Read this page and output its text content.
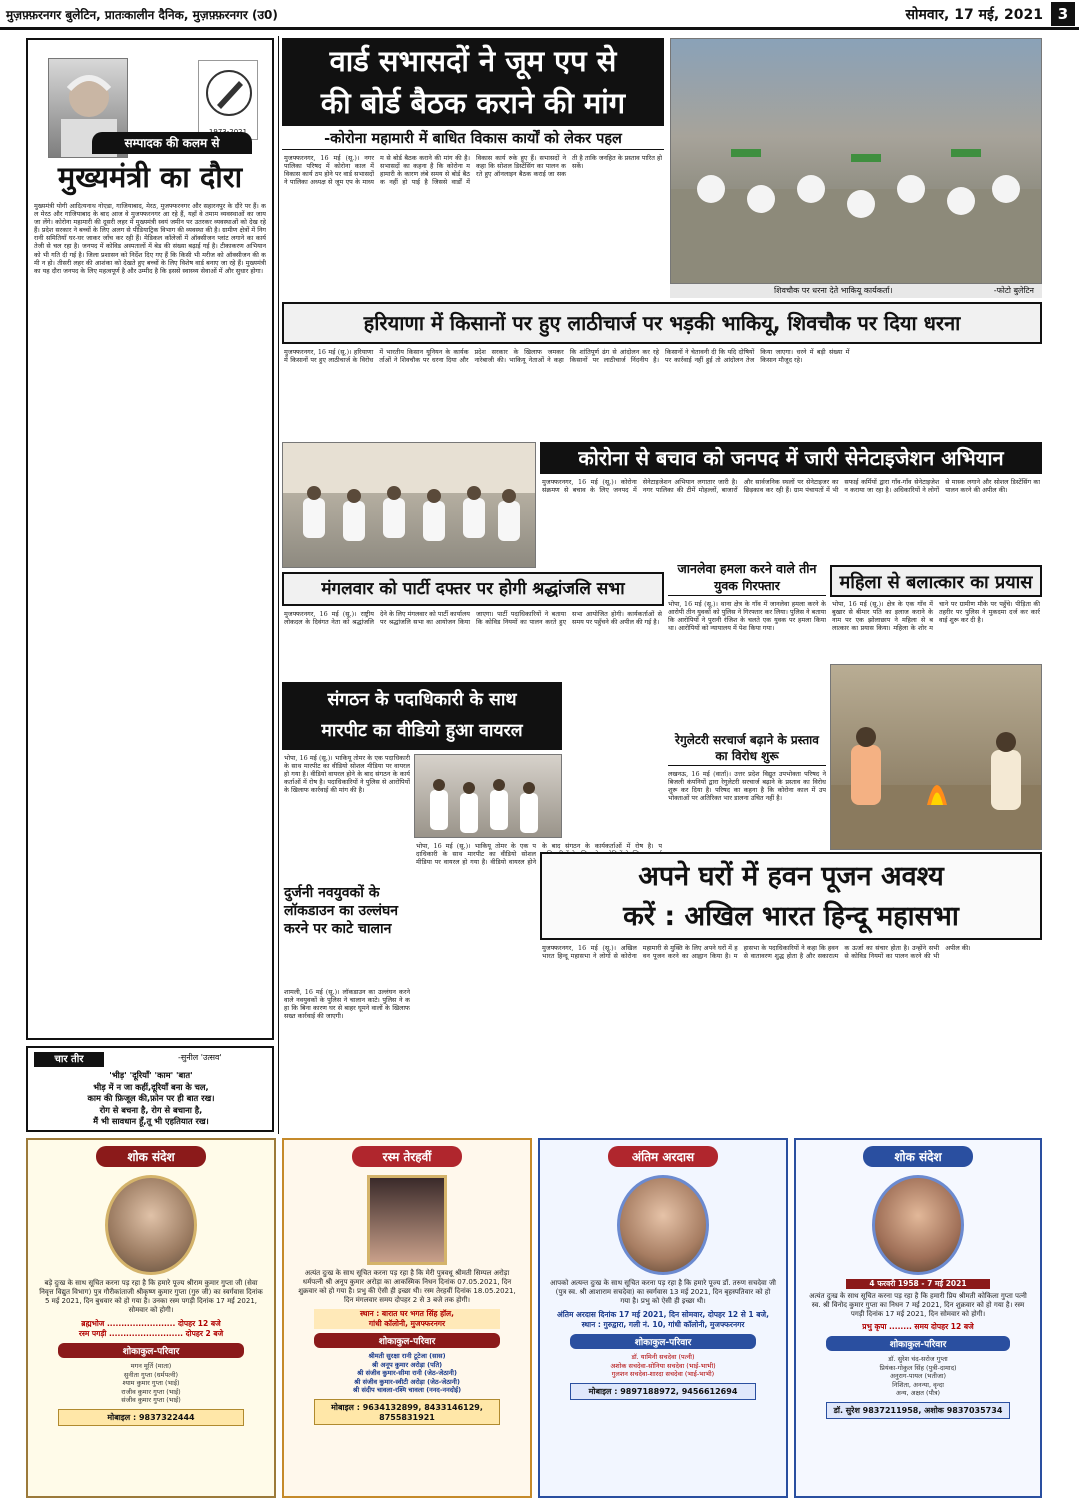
मुज़फ़्फ़रनगर बुलेटिन, प्रातःकालीन दैनिक, मुज़फ़्फ़रनगर (उ0)	सोमवार, 17 मई, 2021 3
सम्पादक की कलम से
मुख्यमंत्री का दौरा
मुख्यमंत्री योगी आदित्यनाथ नोएडा, गाजियाबाद, मेरठ, मुजफ्फरनगर और सहारनपुर के दौरे पर हैं। कल मेरठ और गाजियाबाद के बाद आज वे मुजफ्फरनगर आ रहे हैं, यहाँ वे तमाम व्यवस्थाओं का जायजा लेंगे। कोरोना महामारी की दूसरी लहर में मुख्यमंत्री स्वयं जमीन पर उतरकर व्यवस्थाओं को देख रहे हैं। प्रदेश सरकार ने बच्चों के लिए अलग से पीडियाट्रिक विभाग की व्यवस्था की है। ग्रामीण क्षेत्रों में निगरानी समितियाँ घर-घर जाकर जाँच कर रही हैं। मेडिकल कॉलेजों में ऑक्सीजन प्लांट लगाने का कार्य तेजी से चल रहा है। जनपद में कोविड अस्पतालों में बेड की संख्या बढ़ाई गई है। टीकाकरण अभियान को भी गति दी गई है। जिला प्रशासन को निर्देश दिए गए हैं कि किसी भी मरीज को ऑक्सीजन की कमी न हो। तीसरी लहर की आशंका को देखते हुए बच्चों के लिए विशेष वार्ड बनाए जा रहे हैं। मुख्यमंत्री का यह दौरा जनपद के लिए महत्वपूर्ण है और उम्मीद है कि इससे स्वास्थ्य सेवाओं में और सुधार होगा।
चार तीर	-सुनील 'उत्सव'
'भीड़' 'दूरियाँ' 'काम' 'बात'
भीड़ में न जा कहीं,दूरियाँ बना के चल,
काम की फ़िजूल की,फ़ोन पर ही बात रख।
रोग से बचना है, रोग से बचाना है,
मैं भी सावधान हूँ,तू भी एहतियात रख।
वार्ड सभासदों ने जूम एप से
की बोर्ड बैठक कराने की मांग
-कोरोना महामारी में बाधित विकास कार्यों को लेकर पहल
मुजफ्फरनगर, 16 मई (सू.)। नगरपालिका परिषद में कोरोना काल में विकास कार्य ठप होने पर वार्ड सभासदों ने पालिका अध्यक्ष से जूम एप के माध्यम से बोर्ड बैठक कराने की मांग की है। सभासदों का कहना है कि कोरोना महामारी के कारण लंबे समय से बोर्ड बैठक नहीं हो पाई है जिससे वार्डों में विकास कार्य रुके हुए हैं। सभासदों ने कहा कि सोशल डिस्टेंसिंग का पालन करते हुए ऑनलाइन बैठक कराई जा सकती है ताकि जनहित के प्रस्ताव पारित हो सकें।
शिवचौक पर धरना देते भाकियू कार्यकर्ता।	-फोटो बुलेटिन
हरियाणा में किसानों पर हुए लाठीचार्ज पर भड़की भाकियू, शिवचौक पर दिया धरना
मुजफ्फरनगर, 16 मई (सू.)। हरियाणा में किसानों पर हुए लाठीचार्ज के विरोध में भारतीय किसान यूनियन के कार्यकर्ताओं ने शिवचौक पर धरना दिया और प्रदेश सरकार के खिलाफ जमकर नारेबाजी की। भाकियू नेताओं ने कहा कि शांतिपूर्ण ढंग से आंदोलन कर रहे किसानों पर लाठीचार्ज निंदनीय है। किसानों ने चेतावनी दी कि यदि दोषियों पर कार्रवाई नहीं हुई तो आंदोलन तेज किया जाएगा। धरने में बड़ी संख्या में किसान मौजूद रहे।
कोरोना से बचाव को जनपद में जारी सेनेटाइजेशन अभियान
मुजफ्फरनगर, 16 मई (सू.)। कोरोना संक्रमण से बचाव के लिए जनपद में सेनेटाइजेशन अभियान लगातार जारी है। नगर पालिका की टीमें मोहल्लों, बाजारों और सार्वजनिक स्थलों पर सेनेटाइजर का छिड़काव कर रही हैं। ग्राम पंचायतों में भी सफाई कर्मियों द्वारा गाँव-गाँव सेनेटाइजेशन कराया जा रहा है। अधिकारियों ने लोगों से मास्क लगाने और सोशल डिस्टेंसिंग का पालन करने की अपील की।
मंगलवार को पार्टी दफ्तर पर होगी श्रद्धांजलि सभा
मुजफ्फरनगर, 16 मई (सू.)। राष्ट्रीय लोकदल के दिवंगत नेता को श्रद्धांजलि देने के लिए मंगलवार को पार्टी कार्यालय पर श्रद्धांजलि सभा का आयोजन किया जाएगा। पार्टी पदाधिकारियों ने बताया कि कोविड नियमों का पालन करते हुए सभा आयोजित होगी। कार्यकर्ताओं से समय पर पहुँचने की अपील की गई है।
जानलेवा हमला करने वाले तीन युवक गिरफ्तार
भोपा, 16 मई (सू.)। थाना क्षेत्र के गाँव में जानलेवा हमला करने के आरोपी तीन युवकों को पुलिस ने गिरफ्तार कर लिया। पुलिस ने बताया कि आरोपियों ने पुरानी रंजिश के चलते एक युवक पर हमला किया था। आरोपियों को न्यायालय में पेश किया गया।
रेगुलेटरी सरचार्ज बढ़ाने के प्रस्ताव का विरोध शुरू
लखनऊ, 16 मई (वार्ता)। उत्तर प्रदेश विद्युत उपभोक्ता परिषद ने बिजली कंपनियों द्वारा रेगुलेटरी सरचार्ज बढ़ाने के प्रस्ताव का विरोध शुरू कर दिया है। परिषद का कहना है कि कोरोना काल में उपभोक्ताओं पर अतिरिक्त भार डालना उचित नहीं है।
महिला से बलात्कार का प्रयास
भोपा, 16 मई (सू.)। क्षेत्र के एक गाँव में बुखार से बीमार पति का इलाज कराने के नाम पर एक झोलाछाप ने महिला से बलात्कार का प्रयास किया। महिला के शोर मचाने पर ग्रामीण मौके पर पहुँचे। पीड़िता की तहरीर पर पुलिस ने मुकदमा दर्ज कर कार्रवाई शुरू कर दी है।
संगठन के पदाधिकारी के साथ
मारपीट का वीडियो हुआ वायरल
भोपा, 16 मई (सू.)। भाकियू तोमर के एक पदाधिकारी के साथ मारपीट का वीडियो सोशल मीडिया पर वायरल हो गया है। वीडियो वायरल होने के बाद संगठन के कार्यकर्ताओं में रोष है। पदाधिकारियों ने पुलिस से आरोपियों के खिलाफ कार्रवाई की मांग की है।
दुर्जनी नवयुवकों के लॉकडाउन का उल्लंघन करने पर काटे चालान
शामली, 16 मई (सू.)। लॉकडाउन का उल्लंघन करने वाले नवयुवकों के पुलिस ने चालान काटे। पुलिस ने कहा कि बिना कारण घर से बाहर घूमने वालों के खिलाफ सख्त कार्रवाई की जाएगी।
भोपा, 16 मई (सू.)। भाकियू तोमर के एक पदाधिकारी के साथ मारपीट का वीडियो सोशल मीडिया पर वायरल हो गया है। वीडियो वायरल होने के बाद संगठन के कार्यकर्ताओं में रोष है। प
अपने घरों में हवन पूजन अवश्य
करें : अखिल भारत हिन्दू महासभा
मुजफ्फरनगर, 16 मई (सू.)। अखिल भारत हिन्दू महासभा ने लोगों से कोरोना महामारी से मुक्ति के लिए अपने घरों में हवन पूजन करने का आह्वान किया है। महासभा के पदाधिकारियों ने कहा कि हवन से वातावरण शुद्ध होता है और सकारात्मक ऊर्जा का संचार होता है। उन्होंने सभी से कोविड नियमों का पालन करने की भी अपील की।
शोक संदेश
बड़े दुःख के साथ सूचित करना पड़ रहा है कि हमारे पूज्य श्रीराम कुमार गुप्ता जी (सेवा निवृत्त विद्युत विभाग) पुत्र गौरीकांताजी श्रीकृष्ण कुमार गुप्ता (गुरु जी) का स्वर्गवास दिनांक 5 मई 2021, दिन बुधवार को हो गया है। उनका रस्म पगड़ी दिनांक 17 मई 2021, सोमवार को होगी।
ब्रह्मभोज ........................ दोपहर 12 बजे
रस्म पगड़ी .......................... दोपहर 2 बजे
शोकाकुल-परिवार
मगन मूर्ति (माता)
सुनीता गुप्ता (धर्मपत्नी)
श्याम कुमार गुप्ता (भाई)
राजीव कुमार गुप्ता (भाई)
संजीव कुमार गुप्ता (भाई)
मोबाइल : 9837322444
रस्म तेरहवीं
अत्यंत दुःख के साथ सूचित करना पड़ रहा है कि मेरी पुत्रवधू श्रीमती सिम्पल अरोड़ा धर्मपत्नी श्री अनूप कुमार अरोड़ा का आकस्मिक निधन दिनांक 07.05.2021, दिन शुक्रवार को हो गया है। प्रभु की ऐसी ही इच्छा थी। रस्म तेरहवीं दिनांक 18.05.2021, दिन मंगलवार समय दोपहर 2 से 3 बजे तक होगी।
स्थान : बारात घर भगत सिंह हॉल,
गांधी कॉलोनी, मुजफ्फरनगर
शोकाकुल-परिवार
श्रीमती सुरक्षा रानी टूटेजा (सास)
श्री अनूप कुमार अरोड़ा (पति)
श्री संजीव कुमार-सीमा रानी (जेठ-जेठानी)
श्री संजीव कुमार-स्वीटी अरोड़ा (जेठ-जेठानी)
श्री संदीप चावला-रश्मि चावला (ननद-ननदोई)
मोबाइल : 9634132899, 8433146129, 8755831921
अंतिम अरदास
आपको अत्यन्त दुःख के साथ सूचित करना पड़ रहा है कि हमारे पूज्य डॉ. तरुण सचदेवा जी (पुत्र स्व. श्री आशाराम सचदेवा) का स्वर्गवास 13 मई 2021, दिन बृहस्पतिवार को हो गया है। प्रभु को ऐसी ही इच्छा थी।
अंतिम अरदास दिनांक 17 मई 2021, दिन सोमवार, दोपहर 12 से 1 बजे,
स्थान : गुरुद्वारा, गली नं. 10, गांधी कॉलोनी, मुजफ्फरनगर
शोकाकुल-परिवार
डॉ. यामिनी सचदेवा (पत्नी)
अशोक सचदेवा-सोनिया सचदेवा (भाई-भाभी)
गुलशन सचदेवा-शारदा सचदेवा (भाई-भाभी)
मोबाइल : 9897188972, 9456612694
शोक संदेश
4 फरवरी 1958 - 7 मई 2021
अत्यंत दुःख के साथ सूचित करना पड़ रहा है कि हमारी प्रिय श्रीमती कोकिला गुप्ता पत्नी स्व. श्री विनोद कुमार गुप्ता का निधन 7 मई 2021, दिन शुक्रवार को हो गया है। रस्म पगड़ी दिनांक 17 मई 2021, दिन सोमवार को होगी।
प्रभु कृपा ........ समय दोपहर 12 बजे
शोकाकुल-परिवार
डॉ. सुरेश चंद-सरोज गुप्ता
प्रियंका-गोकुल सिंह (पुत्री-दामाद)
अनुराग-पायल (भतीजा)
निशिता, अनन्या, वृन्दा
अन्य, अक्षत (पौत्र)
डॉ. सुरेश 9837211958, अशोक 9837035734
